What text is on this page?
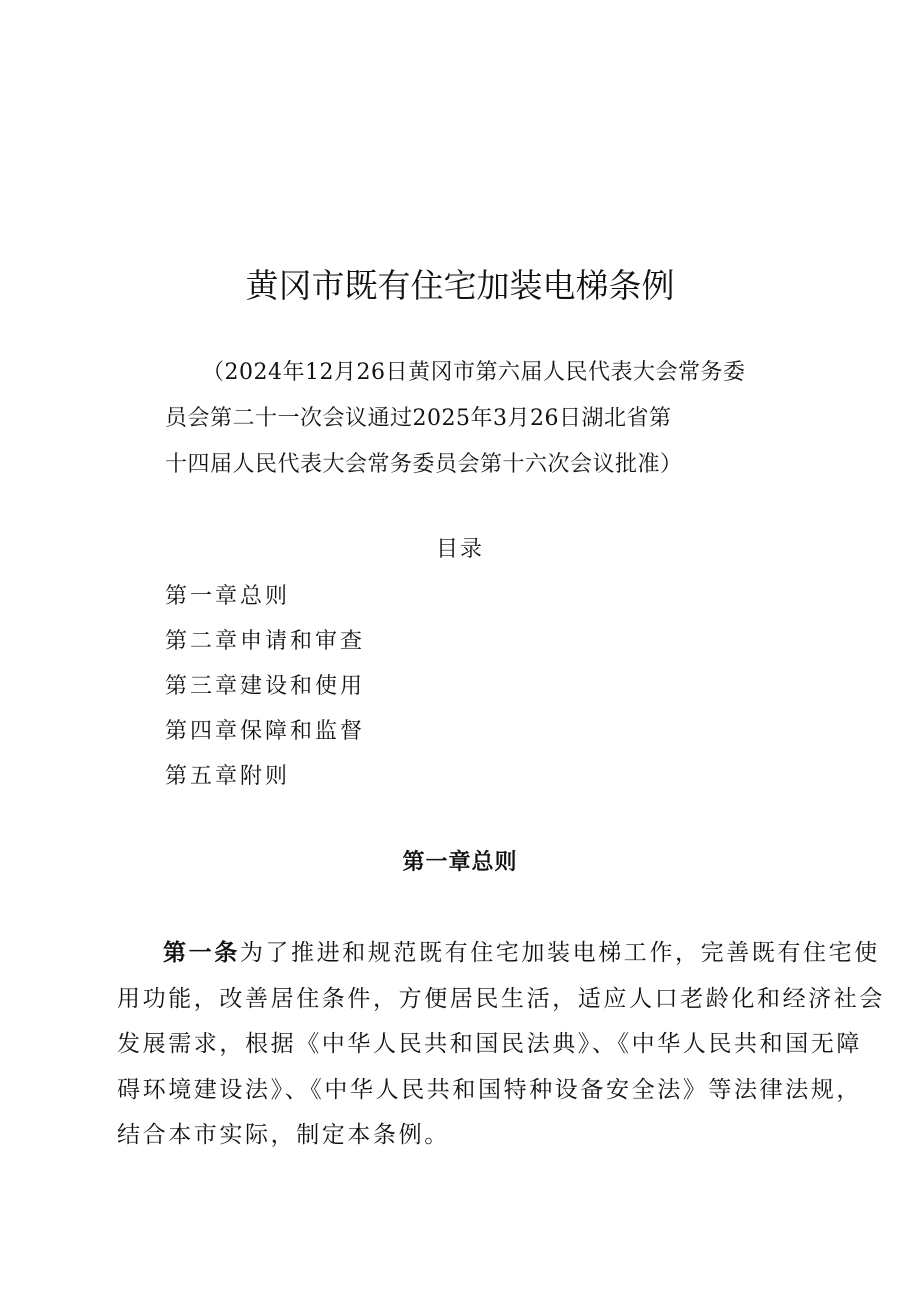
黄冈市既有住宅加装电梯条例
（2024年12月26日黄冈市第六届人民代表大会常务委
员会第二十一次会议通过2025年3月26日湖北省第
十四届人民代表大会常务委员会第十六次会议批准）
目录
第一章总则
第二章申请和审查
第三章建设和使用
第四章保障和监督
第五章附则
第一章总则
第一条为了推进和规范既有住宅加装电梯工作，完善既有住宅使
用功能，改善居住条件，方便居民生活，适应人口老龄化和经济社会
发展需求，根据《中华人民共和国民法典》、《中华人民共和国无障
碍环境建设法》、《中华人民共和国特种设备安全法》等法律法规，
结合本市实际，制定本条例。
